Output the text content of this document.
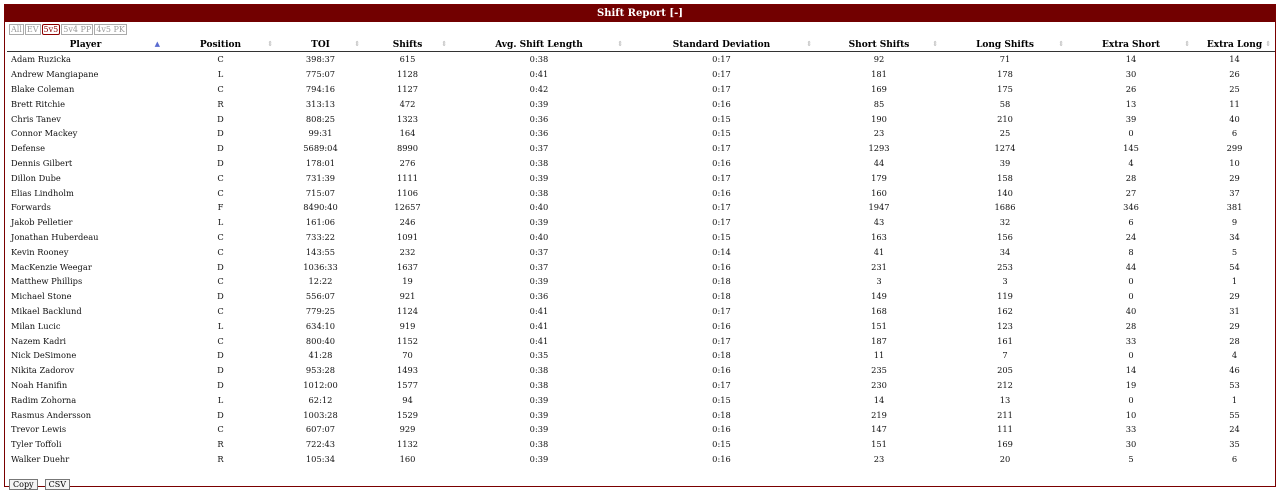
Shift Report [-]
All EV 5v5 5v4 PP 4v5 PK
Player ▲	Position ⇕	TOI ⇕	Shifts ⇕	Avg. Shift Length ⇕	Standard Deviation ⇕	Short Shifts ⇕	Long Shifts ⇕	Extra Short ⇕	Extra Long ⇕

Adam Ruzicka	C	398:37	615	0:38	0:17	92	71	14	14
Andrew Mangiapane	L	775:07	1128	0:41	0:17	181	178	30	26
Blake Coleman	C	794:16	1127	0:42	0:17	169	175	26	25
Brett Ritchie	R	313:13	472	0:39	0:16	85	58	13	11
Chris Tanev	D	808:25	1323	0:36	0:15	190	210	39	40
Connor Mackey	D	99:31	164	0:36	0:15	23	25	0	6
Defense	D	5689:04	8990	0:37	0:17	1293	1274	145	299
Dennis Gilbert	D	178:01	276	0:38	0:16	44	39	4	10
Dillon Dube	C	731:39	1111	0:39	0:17	179	158	28	29
Elias Lindholm	C	715:07	1106	0:38	0:16	160	140	27	37
Forwards	F	8490:40	12657	0:40	0:17	1947	1686	346	381
Jakob Pelletier	L	161:06	246	0:39	0:17	43	32	6	9
Jonathan Huberdeau	C	733:22	1091	0:40	0:15	163	156	24	34
Kevin Rooney	C	143:55	232	0:37	0:14	41	34	8	5
MacKenzie Weegar	D	1036:33	1637	0:37	0:16	231	253	44	54
Matthew Phillips	C	12:22	19	0:39	0:18	3	3	0	1
Michael Stone	D	556:07	921	0:36	0:18	149	119	0	29
Mikael Backlund	C	779:25	1124	0:41	0:17	168	162	40	31
Milan Lucic	L	634:10	919	0:41	0:16	151	123	28	29
Nazem Kadri	C	800:40	1152	0:41	0:17	187	161	33	28
Nick DeSimone	D	41:28	70	0:35	0:18	11	7	0	4
Nikita Zadorov	D	953:28	1493	0:38	0:16	235	205	14	46
Noah Hanifin	D	1012:00	1577	0:38	0:17	230	212	19	53
Radim Zohorna	L	62:12	94	0:39	0:15	14	13	0	1
Rasmus Andersson	D	1003:28	1529	0:39	0:18	219	211	10	55
Trevor Lewis	C	607:07	929	0:39	0:16	147	111	33	24
Tyler Toffoli	R	722:43	1132	0:38	0:15	151	169	30	35
Walker Duehr	R	105:34	160	0:39	0:16	23	20	5	6
Copy CSV
